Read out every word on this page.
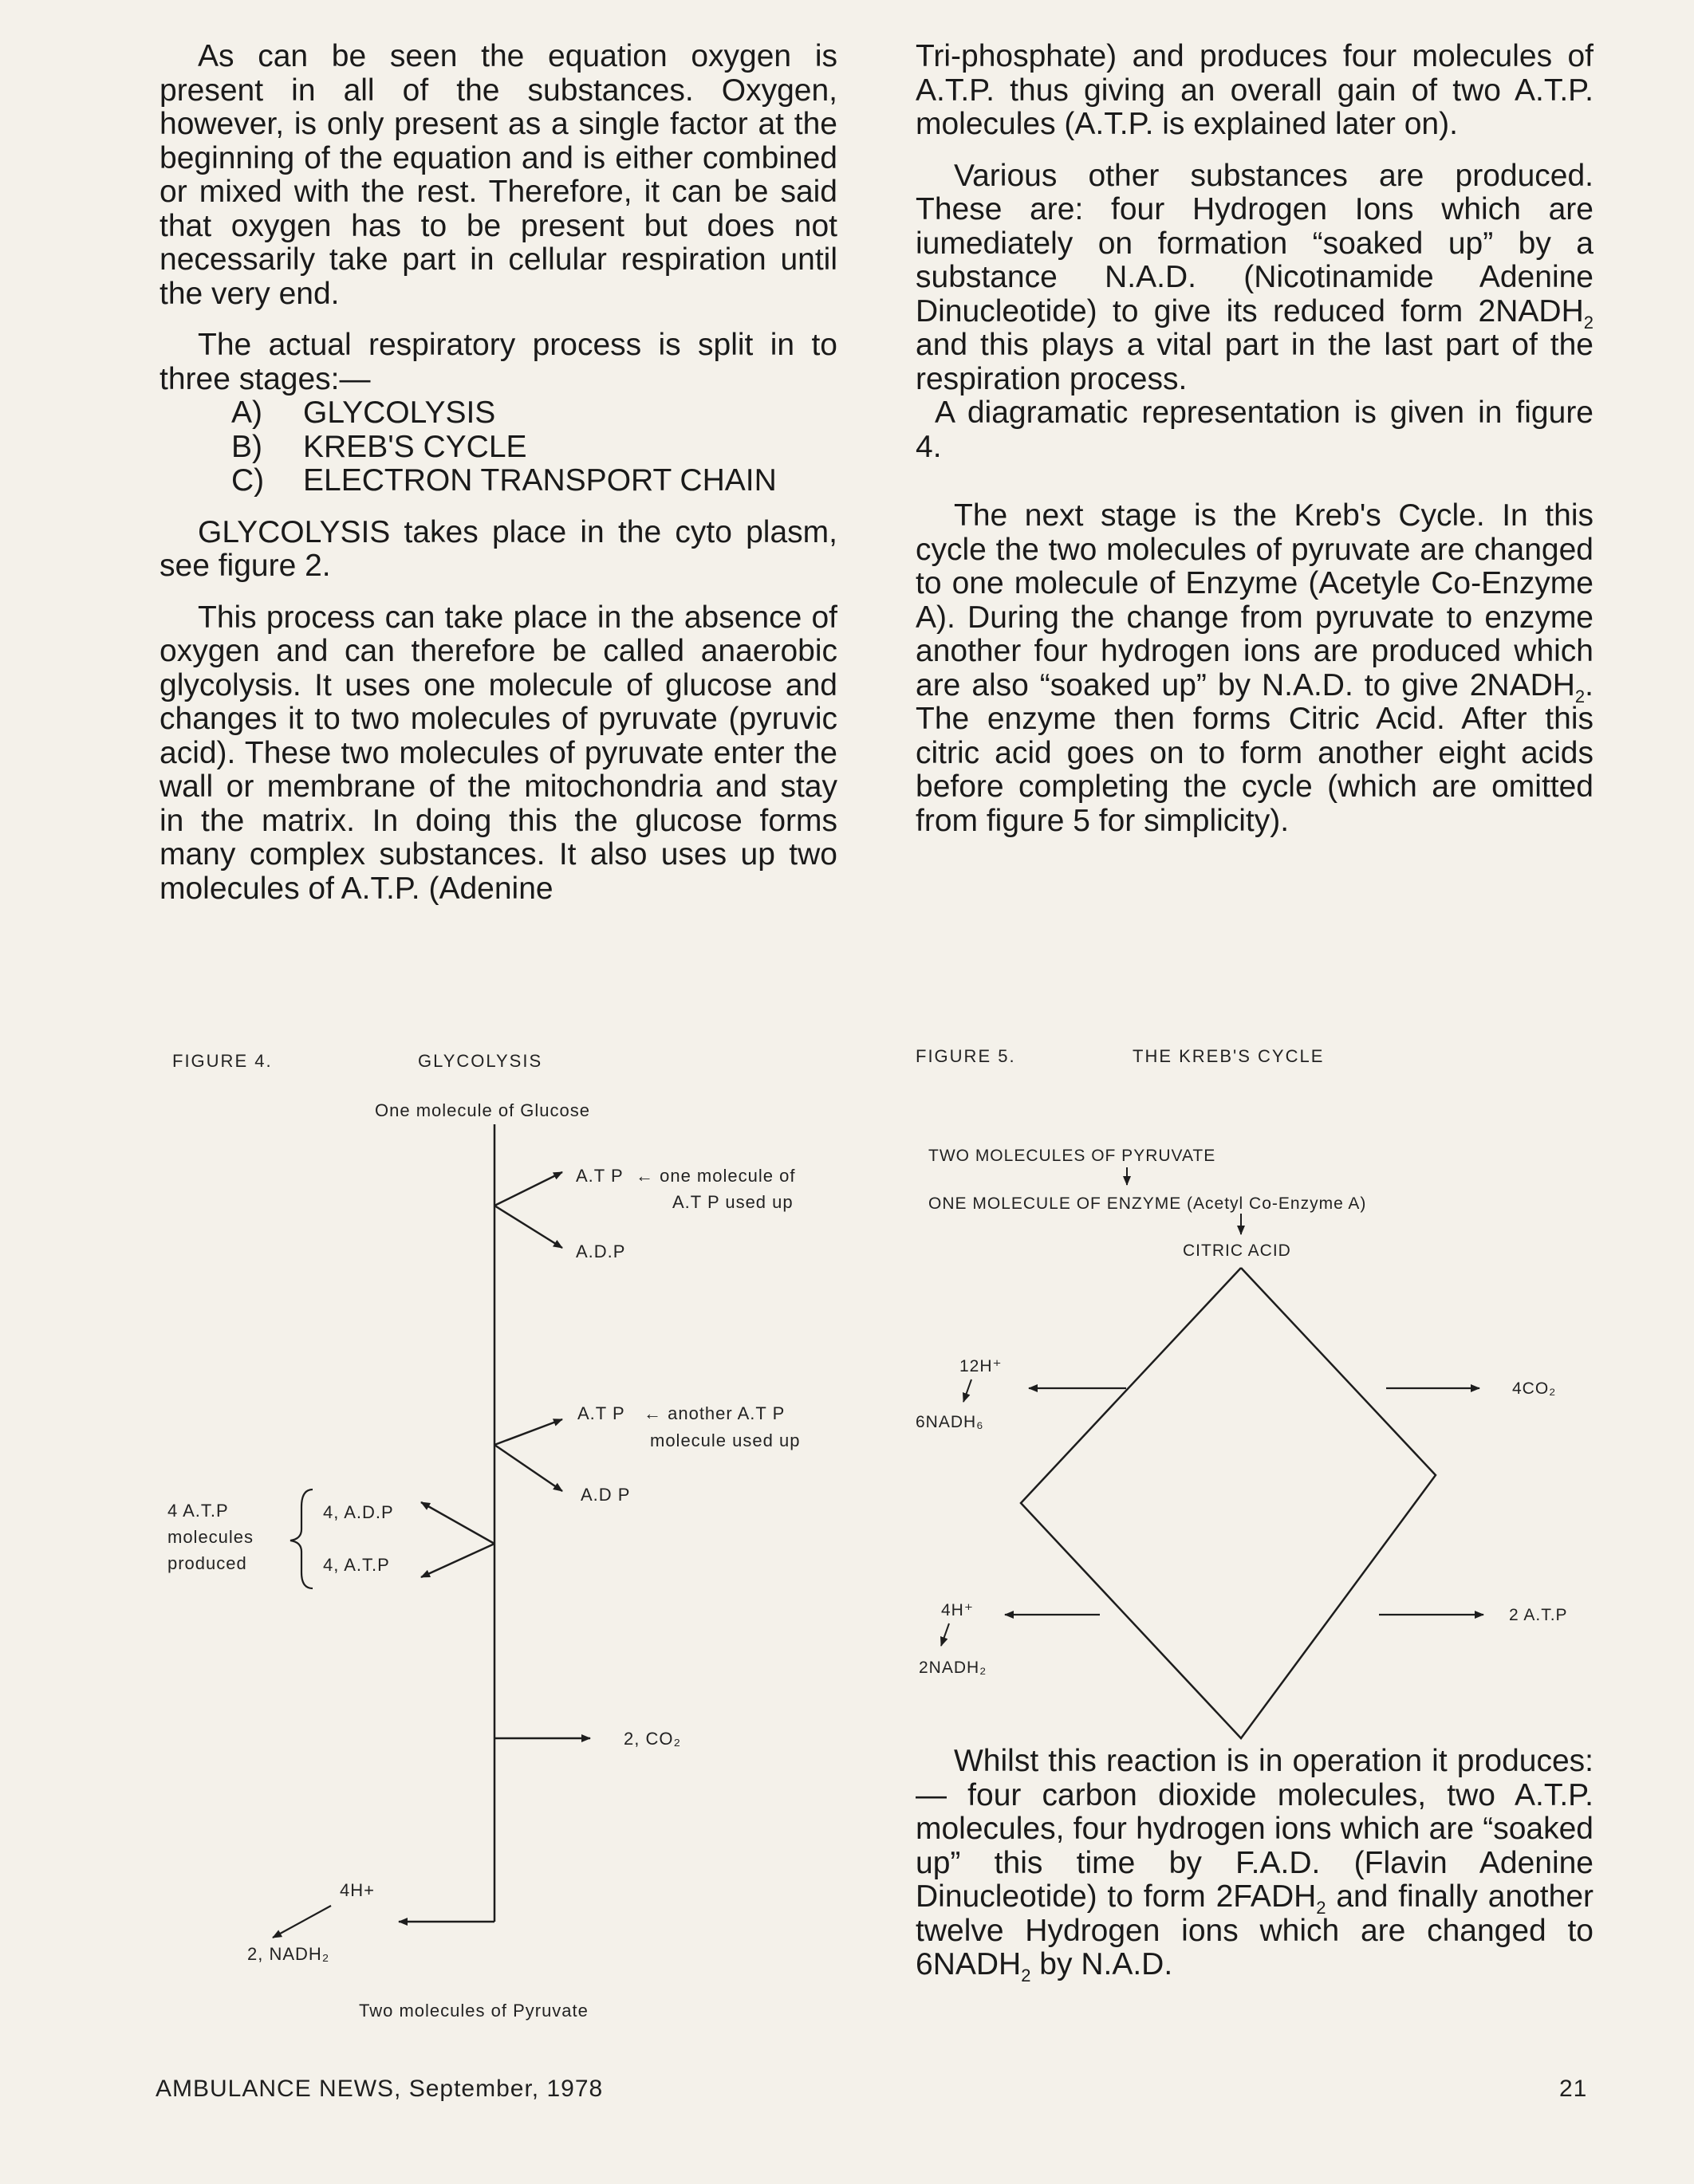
As can be seen the equation oxygen is present in all of the substances. Oxygen, however, is only present as a single factor at the beginning of the equation and is either combined or mixed with the rest. Therefore, it can be said that oxygen has to be present but does not necessarily take part in cellular respiration until the very end.

The actual respiratory process is split in to three stages:—

A) GLYCOLYSIS
B) KREB'S CYCLE
C) ELECTRON TRANSPORT CHAIN

GLYCOLYSIS takes place in the cyto plasm, see figure 2.

This process can take place in the absence of oxygen and can therefore be called anaerobic glycolysis. It uses one molecule of glucose and changes it to two molecules of pyruvate (pyruvic acid). These two molecules of pyruvate enter the wall or membrane of the mitochondria and stay in the matrix. In doing this the glucose forms many complex substances. It also uses up two molecules of A.T.P. (Adenine

Tri-phosphate) and produces four molecules of A.T.P. thus giving an overall gain of two A.T.P. molecules (A.T.P. is explained later on).

Various other substances are produced. These are: four Hydrogen Ions which are iumediately on formation “soaked up” by a substance N.A.D. (Nicotinamide Adenine Dinucleotide) to give its reduced form $2NADH_2$ and this plays a vital part in the last part of the respiration process.

A diagramatic representation is given in figure 4.

The next stage is the Kreb's Cycle. In this cycle the two molecules of pyruvate are changed to one molecule of Enzyme (Acetyle Co-Enzyme A). During the change from pyruvate to enzyme another four hydrogen ions are produced which are also “soaked up” by N.A.D. to give $2NADH_2$. The enzyme then forms Citric Acid. After this citric acid goes on to form another eight acids before completing the cycle (which are omitted from figure 5 for simplicity).

FIGURE 4.	GLYCOLYSIS
One molecule of Glucose
A.T P ← one molecule of
A.T P used up
A.D.P
A.T P ← another A.T P
molecule used up
A.D P
4 A.T.P
molecules
produced
4, A.D.P
4, A.T.P
2, CO₂
4H+
2, NADH₂
Two molecules of Pyruvate
FIGURE 5.	THE KREB'S CYCLE
TWO MOLECULES OF PYRUVATE
ONE MOLECULE OF ENZYME (Acetyl Co-Enzyme A)
CITRIC ACID
4CO₂
12H⁺
6NADH₆
2 A.T.P
4H⁺
2NADH₂

Whilst this reaction is in operation it produces:— four carbon dioxide molecules, two A.T.P. molecules, four hydrogen ions which are “soaked up” this time by F.A.D. (Flavin Adenine Dinucleotide) to form $2FADH_2$ and finally another twelve Hydrogen ions which are changed to $6NADH_2$ by N.A.D.

AMBULANCE NEWS, September, 1978	21
